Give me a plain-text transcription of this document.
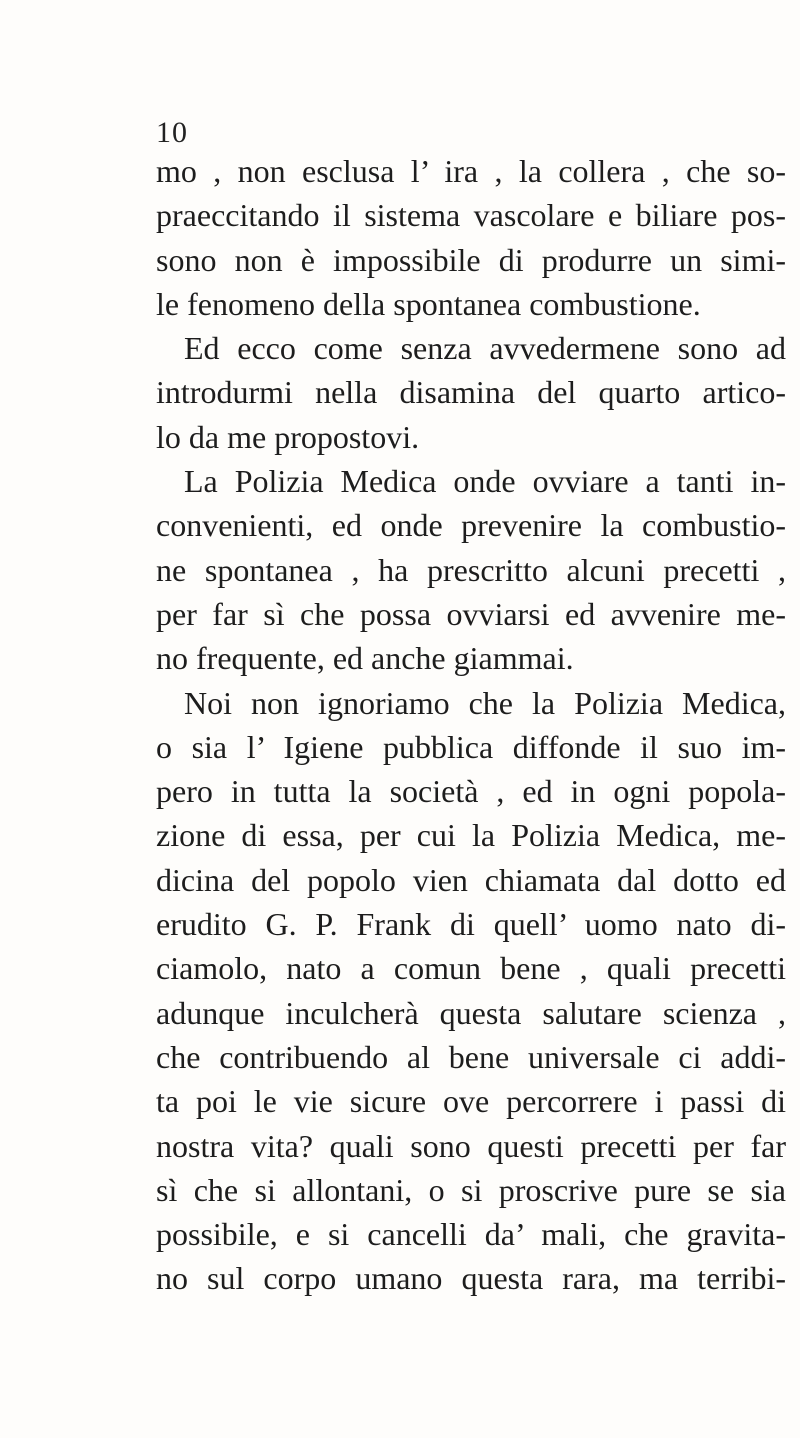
10
mo , non esclusa l’ ira , la collera , che so-
praeccitando il sistema vascolare e biliare pos-
sono non è impossibile di produrre un simi-
le fenomeno della spontanea combustione.
Ed ecco come senza avvedermene sono ad
introdurmi nella disamina del quarto artico-
lo da me propostovi.
La Polizia Medica onde ovviare a tanti in-
convenienti, ed onde prevenire la combustio-
ne spontanea , ha prescritto alcuni precetti ,
per far sì che possa ovviarsi ed avvenire me-
no frequente, ed anche giammai.
Noi non ignoriamo che la Polizia Medica,
o sia l’ Igiene pubblica diffonde il suo im-
pero in tutta la società , ed in ogni popola-
zione di essa, per cui la Polizia Medica, me-
dicina del popolo vien chiamata dal dotto ed
erudito G. P. Frank di quell’ uomo nato di-
ciamolo, nato a comun bene , quali precetti
adunque inculcherà questa salutare scienza ,
che contribuendo al bene universale ci addi-
ta poi le vie sicure ove percorrere i passi di
nostra vita? quali sono questi precetti per far
sì che si allontani, o si proscrive pure se sia
possibile, e si cancelli da’ mali, che gravita-
no sul corpo umano questa rara, ma terribi-
